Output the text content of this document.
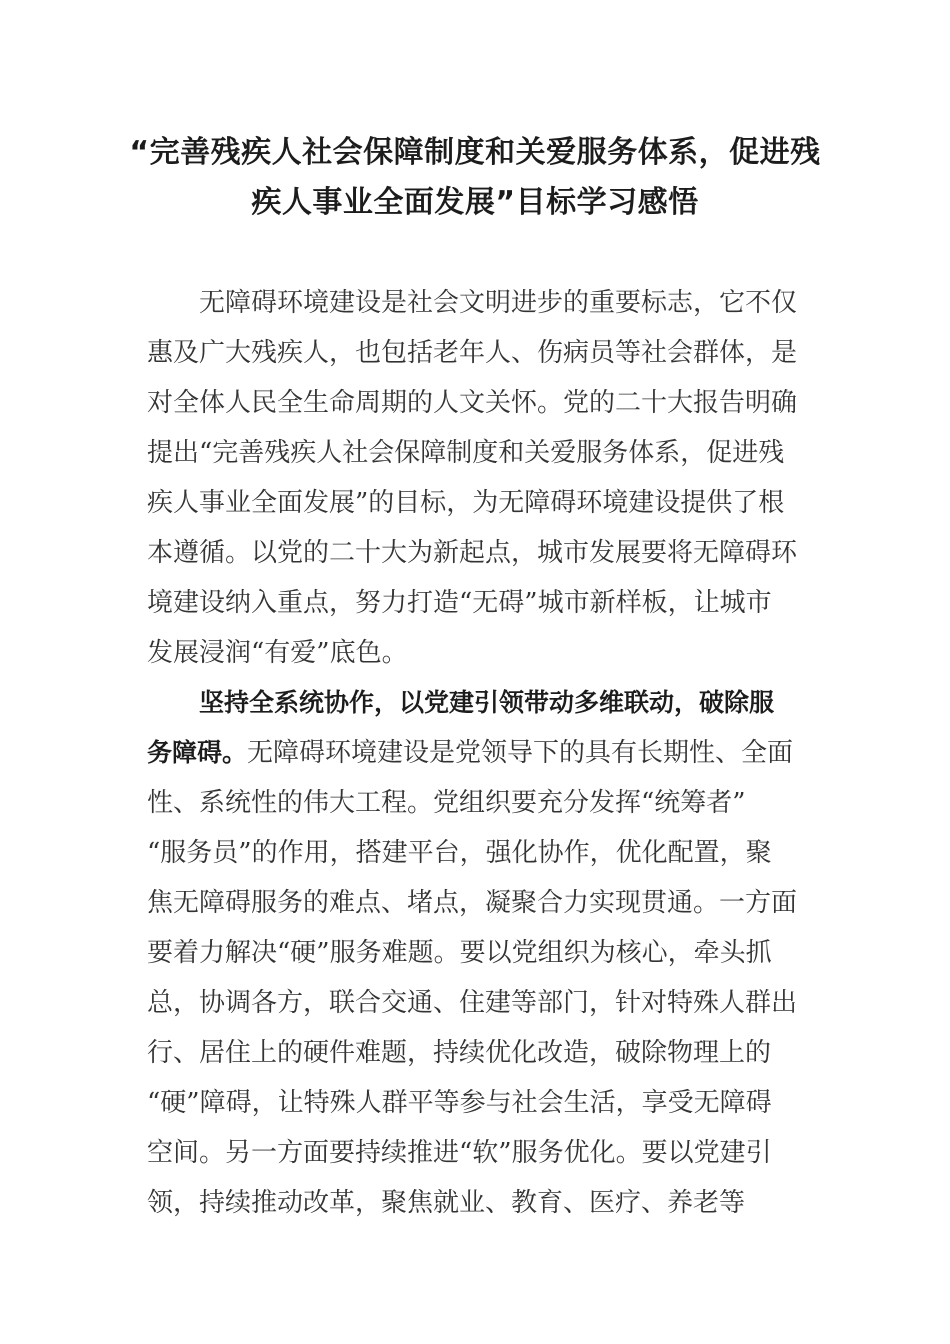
“完善残疾人社会保障制度和关爱服务体系，促进残
疾人事业全面发展”目标学习感悟
无障碍环境建设是社会文明进步的重要标志，它不仅
惠及广大残疾人，也包括老年人、伤病员等社会群体，是
对全体人民全生命周期的人文关怀。党的二十大报告明确
提出“完善残疾人社会保障制度和关爱服务体系，促进残
疾人事业全面发展”的目标，为无障碍环境建设提供了根
本遵循。以党的二十大为新起点，城市发展要将无障碍环
境建设纳入重点，努力打造“无碍”城市新样板，让城市
发展浸润“有爱”底色。
坚持全系统协作，以党建引领带动多维联动，破除服
务障碍。无障碍环境建设是党领导下的具有长期性、全面
性、系统性的伟大工程。党组织要充分发挥“统筹者”
“服务员”的作用，搭建平台，强化协作，优化配置，聚
焦无障碍服务的难点、堵点，凝聚合力实现贯通。一方面
要着力解决“硬”服务难题。要以党组织为核心，牵头抓
总，协调各方，联合交通、住建等部门，针对特殊人群出
行、居住上的硬件难题，持续优化改造，破除物理上的
“硬”障碍，让特殊人群平等参与社会生活，享受无障碍
空间。另一方面要持续推进“软”服务优化。要以党建引
领，持续推动改革，聚焦就业、教育、医疗、养老等
